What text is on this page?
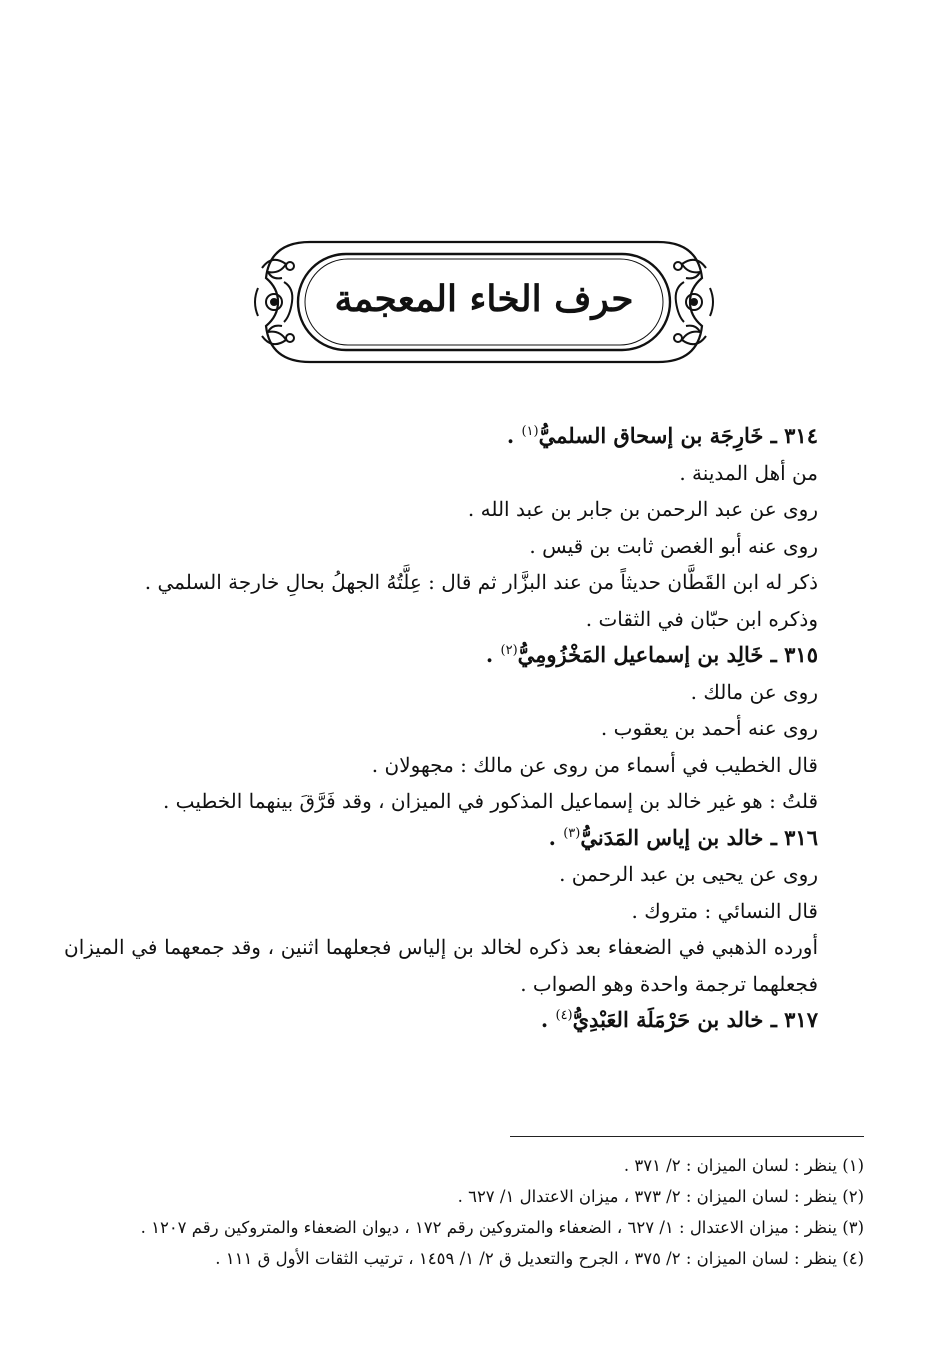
حرف الخاء المعجمة
٣١٤ ـ خَارِجَة بن إسحاق السلميُّ$^{(١)}$ .
من أهل المدينة .
روى عن عبد الرحمن بن جابر بن عبد الله .
روى عنه أبو الغصن ثابت بن قيس .
ذكر له ابن القَطَّان حديثاً من عند البزَّار ثم قال : عِلَّتُهُ الجهلُ بحالِ خارجة السلمي .
وذكره ابن حبّان في الثقات .
٣١٥ ـ خَالِد بن إسماعيل المَخْزُومِيُّ$^{(٢)}$ .
روى عن مالك .
روى عنه أحمد بن يعقوب .
قال الخطيب في أسماء من روى عن مالك : مجهولان .
قلتُ : هو غير خالد بن إسماعيل المذكور في الميزان ، وقد فَرَّقَ بينهما الخطيب .
٣١٦ ـ خالد بن إياس المَدَنيُّ$^{(٣)}$ .
روى عن يحيى بن عبد الرحمن .
قال النسائي : متروك .
أورده الذهبي في الضعفاء بعد ذكره لخالد بن إلياس فجعلهما اثنين ، وقد جمعهما في الميزان فجعلهما ترجمة واحدة وهو الصواب .
٣١٧ ـ خالد بن حَرْمَلَة العَبْدِيُّ$^{(٤)}$ .
(١) ينظر : لسان الميزان : ٢/ ٣٧١ .
(٢) ينظر : لسان الميزان : ٢/ ٣٧٣ ، ميزان الاعتدال ١/ ٦٢٧ .
(٣) ينظر : ميزان الاعتدال : ١/ ٦٢٧ ، الضعفاء والمتروكين رقم ١٧٢ ، ديوان الضعفاء والمتروكين رقم ١٢٠٧ .
(٤) ينظر : لسان الميزان : ٢/ ٣٧٥ ، الجرح والتعديل ق ٢/ ١/ ١٤٥٩ ، ترتيب الثقات الأول ق ١١١ .
